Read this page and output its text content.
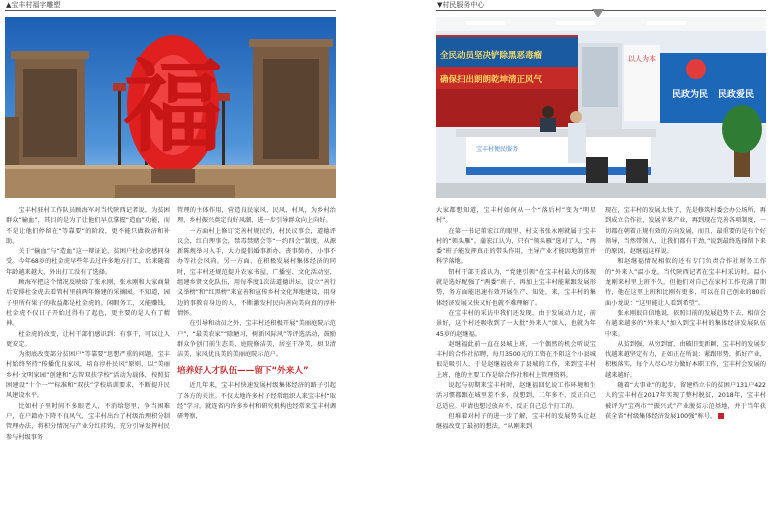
▲宝丰村福字雕塑	▼村民服务中心
福	全民动员坚决铲除黑恶毒瘤
确保扫出朗朗乾坤清正风气
以人为本
民政为民 民政爱民
宝丰村便民服务

宝丰村驻村工作队员顾海军对当代陕西记者说，为贫困群众“输血”，其目的是为了让他们早点掌握“造血”功能，而不是让他们停留在“等靠要”的阶段，更不能只做救济和补助。

关于“输血”与“造血”这一辩证论，贫困户杜金虎感同身受。今年68岁的杜金虎早些年去过许多地方打工，后来随着年龄越来越大，外出打工没有了选择。

顾海军把这个情况反映给了张永刚，张永刚和大家商量后安排杜金虎去看管村里前两年修建的采摘园。不知道，园子里所有果子的收益都是杜金虎的。闲暇务工，又能赚钱，杜金虎不仅日子开始过得有了起色，更主要的是人有了精神。

杜金虎的改变，让村干部们感识到：有事干，可以让人更安定。

为彻底改变部分贫困户“等靠要”思想严重的问题，宝丰村始终坚持“传播优良家风，培育淳朴民风”原则，以“美丽乡村·文明家园”创建和“志智双扶学校”活动为载体，按照贫困建设“十个一”“标准和“双扶”学校培训要求，不断提升民风建设水平。

比如村子里时间不多眼老人，不消给您里，争当困难户，在户籍办下降不良风气，宝丰村出台了村级治理积分制管理办法，将积分情况与产业分红挂钩，充分引导发挥村民参与村级事务

管理的主体作用，营造良民家风，民风，村风，为乡村治理，乡村振兴奠定良好风潮，进一步引导群众向上向好。

一方面村上修订完善村规民约，村民议事会，道德评议会，红白理事会，禁毒禁赌会等“一约四会”制度，从源新陈规举习入手，大力提倡婚事新办，丧事简办，小事不办等社会风尚。另一方面，在积极发展村集体经济的同时，宝丰村还规范提升农家书屋，广播室、文化活动室，组建乡贤文化队伍，用每季度1次法道德讲坛，设立“善行义举榜”和“红黑榜”来宣善和宣传乡村文化拜地建设，用身边的事教育身边的人，不断激发村民向善向美向真的淳朴情怀。

在引导和动员之外，宝丰村还积极开展“美丽庭院示范户”，“最美农家”“除陋习，树新风际风”等评选活动，鼓励群众争创门前生态美，庭院修洁美，居室干净美，厨卫清洁美，家风优良美的美丽庭院示范户。

培养好人才队伍——留下“外来人”

近几年来，宝丰村快速发展村级集体经济的路子引起了各方的关注。不仅太地许多村子经常组织人来宝丰村“取经”学习，就连省内许多乡村和研究机构也经常来宝丰村调研考察，

大家都想知道，宝丰村如何从一个“落后村”变为“明星村”。

在第一书记董宏江的眼里，村支书张永刚就属于宝丰村的“领头雁”。蒲宏江认为，只有“领头雁”选对了人，“两委”班子能发挥真正的带头作用，主导产业才能因地制宜并科学落地。

钮村干部王波认为，“党建引领”在宝丰村最大的体现就是选好配强了“两委”班子，再加上宝丰村能紧跟发展形势，务方面能迅速有效开展生产、知处，来，宝丰村的集体经济发展又快又好也就不难理解了。

在宝丰村的采访中我们还发现，由于发展动力足，前景好，这个村还吸收到了一大批“外来人”加入，也就为年45岁的赵继福。

赵继福此前一直在县城上班，一个偶然的机会听说宝丰村的合作社招聘，每月3500元的工资在不阻这个小县城很是吸引人，于是赵继福放弃了县城的工作，来到宝丰村上班，他的主要工作是给合作社和村上管理资料。

说起与初期来宝丰村时，赵继福回忆说工作环境和生活习惯都跟在城里差不多，没想到，二年多不，反正自己总适应。申请也想过放弃不，反正自己总个打工的。

但堆着对村子的进一步了解，宝丰村的发展势头让赵继福改变了最初的想法。“从刚来到

现在，宝丰村的发展太快了，先是修筑村委会办公场所，再到成立合作社，发展苹果产业，再到现在完善各项制度，一切都在朝着正规有效的方向发展，而且，最重要的是有个好领导，当然带领人，让我们都有干劲。”说到最终选择留下来的原因，赵继福这样说。

和赵继福情况相似的还有专门负责合作社财务工作的“外来人”温小龙。当代陕西记者在宝丰村采访时，温小龙刚来村里上班不久，但他们对自己在家村工作充满了期待，他在这里上班和比刚有更多，可以在自己创业的80后面小龙说：“这里能让人看到希望”。

张永刚很自信地说，依照目前的发展趋势下去，相信会有越来越多的“外来人”加入到宝丰村的集体经济发展队伍中来。

从贫到强，从穷到富，由破旧变新颖，宝丰村的发展步伐越来越坚定有力，正如正在所说：紧跟形势，抓好产业，积极落实，每个人尽心尽力做好本职工作，宝丰村会发展的越来越好。

随着“大事业”的起步，留建档立卡的贫困户131户422人的宝丰村在2017年实现了整村脱贫，2018年，宝丰村被评为“宝鸡市”“振兴式”产业脱贫示范基地，并于当年获获全省“村级集体经济发展100强”称号。
